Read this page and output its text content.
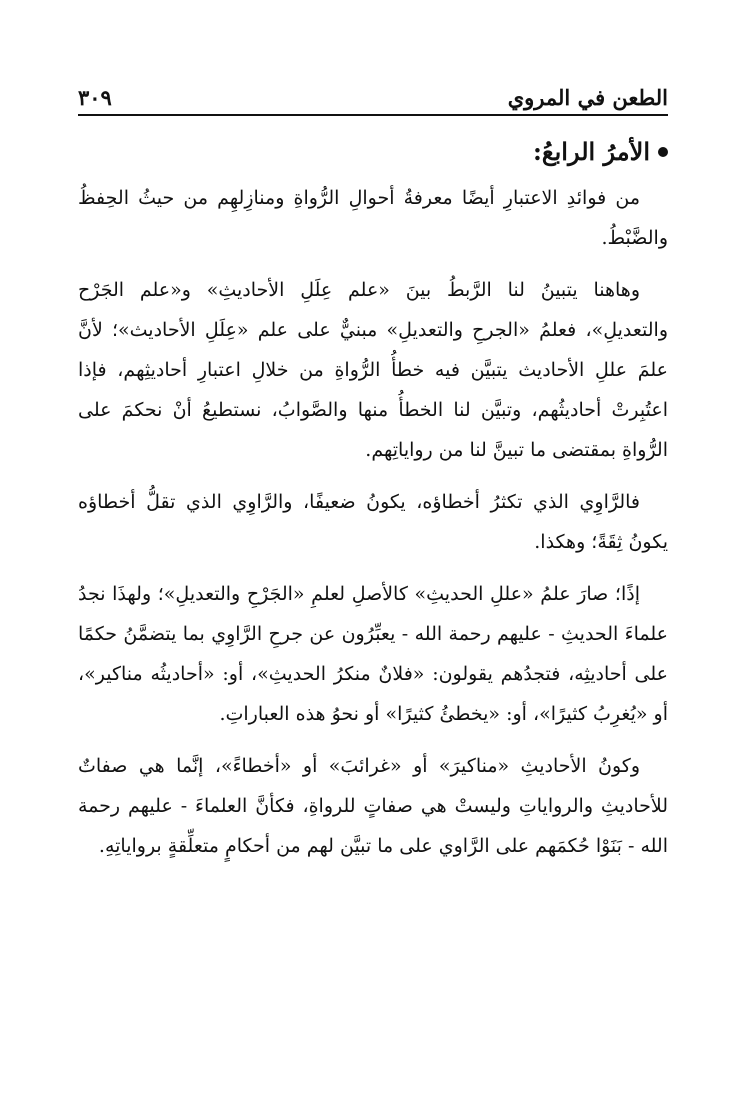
الطعن في المروي
٣٠٩
الأمرُ الرابعُ:

من فوائدِ الاعتبارِ أيضًا معرفةُ أحوالِ الرُّواةِ ومنازِلهِم من حيثُ الحِفظُ والضَّبْطُ.

وهاهنا يتبينُ لنا الرَّبطُ بينَ «علم عِلَلِ الأحاديثِ» و«علم الجَرْح والتعديلِ»، فعلمُ «الجرحِ والتعديلِ» مبنيٌّ على علم «عِلَلِ الأحاديث»؛ لأنَّ علمَ عللِ الأحاديث يتبيَّن فيه خطأُ الرُّواةِ من خلالِ اعتبارِ أحاديثِهم، فإذا اعتُبِرتْ أحاديثُهم، وتبيَّن لنا الخطأُ منها والصَّوابُ، نستطيعُ أنْ نحكمَ على الرُّواةِ بمقتضى ما تبينَّ لنا من رواياتِهم.

فالرَّاوِي الذي تكثرُ أخطاؤه، يكونُ ضعيفًا، والرَّاوِي الذي تقلُّ أخطاؤه يكونُ ثِقَةً؛ وهكذا.

إذًا؛ صارَ علمُ «عللِ الحديثِ» كالأصلِ لعلمِ «الجَرْحِ والتعديلِ»؛ ولهذَا نجدُ علماءَ الحديثِ - عليهم رحمة الله - يعبِّرُون عن جرحِ الرَّاوِي بما يتضمَّنُ حكمًا على أحاديثِه، فتجدُهم يقولون: «فلانٌ منكرُ الحديثِ»، أو: «أحاديثُه مناكير»، أو «يُغرِبُ كثيرًا»، أو: «يخطئُ كثيرًا» أو نحوُ هذه العباراتِ.

وكونُ الأحاديثِ «مناكيرَ» أو «غرائبَ» أو «أخطاءً»، إنَّما هي صفاتٌ للأحاديثِ والرواياتِ وليستْ هي صفاتٍ للرواةِ، فكأنَّ العلماءَ - عليهم رحمة الله - بَنَوْا حُكمَهم على الرَّاوي على ما تبيَّن لهم من أحكامٍ متعلِّقةٍ برواياتِهِ.
